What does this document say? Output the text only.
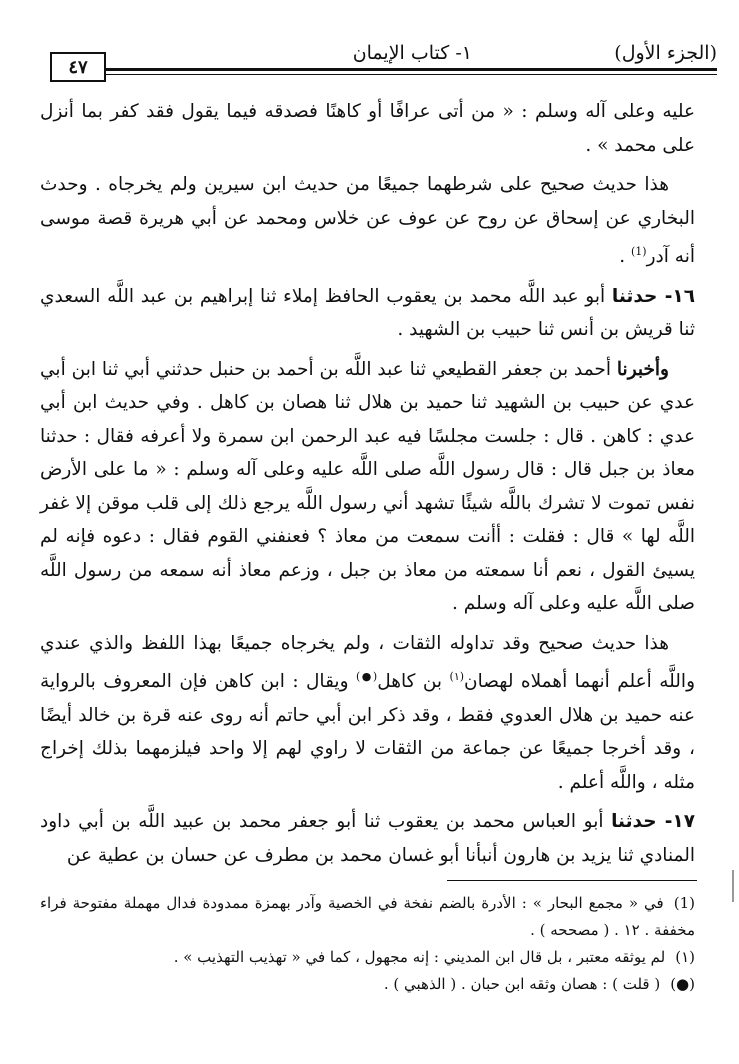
(الجزء الأول)
١- كتاب الإيمان
٤٧

عليه وعلى آله وسلم : « من أتى عرافًا أو كاهنًا فصدقه فيما يقول فقد كفر بما أنزل على محمد » .

هذا حديث صحيح على شرطهما جميعًا من حديث ابن سيرين ولم يخرجاه . وحدث البخاري عن إسحاق عن روح عن عوف عن خلاس ومحمد عن أبي هريرة قصة موسى أنه آدر$^{(1)}$ .

١٦- حدثنا أبو عبد اللَّه محمد بن يعقوب الحافظ إملاء ثنا إبراهيم بن عبد اللَّه السعدي ثنا قريش بن أنس ثنا حبيب بن الشهيد .

وأخبرنا أحمد بن جعفر القطيعي ثنا عبد اللَّه بن أحمد بن حنبل حدثني أبي ثنا ابن أبي عدي عن حبيب بن الشهيد ثنا حميد بن هلال ثنا هصان بن كاهل . وفي حديث ابن أبي عدي : كاهن . قال : جلست مجلسًا فيه عبد الرحمن ابن سمرة ولا أعرفه فقال : حدثنا معاذ بن جبل قال : قال رسول اللَّه صلى اللَّه عليه وعلى آله وسلم : « ما على الأرض نفس تموت لا تشرك باللَّه شيئًا تشهد أني رسول اللَّه يرجع ذلك إلى قلب موقن إلا غفر اللَّه لها » قال : فقلت : أأنت سمعت من معاذ ؟ فعنفني القوم فقال : دعوه فإنه لم يسيئ القول ، نعم أنا سمعته من معاذ بن جبل ، وزعم معاذ أنه سمعه من رسول اللَّه صلى اللَّه عليه وعلى آله وسلم .

هذا حديث صحيح وقد تداوله الثقات ، ولم يخرجاه جميعًا بهذا اللفظ والذي عندي واللَّه أعلم أنهما أهملاه لهصان$^{(١)}$ بن كاهل(●) ويقال : ابن كاهن فإن المعروف بالرواية عنه حميد بن هلال العدوي فقط ، وقد ذكر ابن أبي حاتم أنه روى عنه قرة بن خالد أيضًا ، وقد أخرجا جميعًا عن جماعة من الثقات لا راوي لهم إلا واحد فيلزمهما بذلك إخراج مثله ، واللَّه أعلم .

١٧- حدثنا أبو العباس محمد بن يعقوب ثنا أبو جعفر محمد بن عبيد اللَّه بن أبي داود المنادي ثنا يزيد بن هارون أنبأنا أبو غسان محمد بن مطرف عن حسان بن عطية عن

(1)في « مجمع البحار » : الأدرة بالضم نفخة في الخصية وآدر بهمزة ممدودة فدال مهملة مفتوحة فراء مخففة . ١٢ . ( مصححه ) .

(١)لم يوثقه معتبر ، بل قال ابن المديني : إنه مجهول ، كما في « تهذيب التهذيب » .

(●)( قلت ) : هصان وثقه ابن حبان . ( الذهبي ) .
